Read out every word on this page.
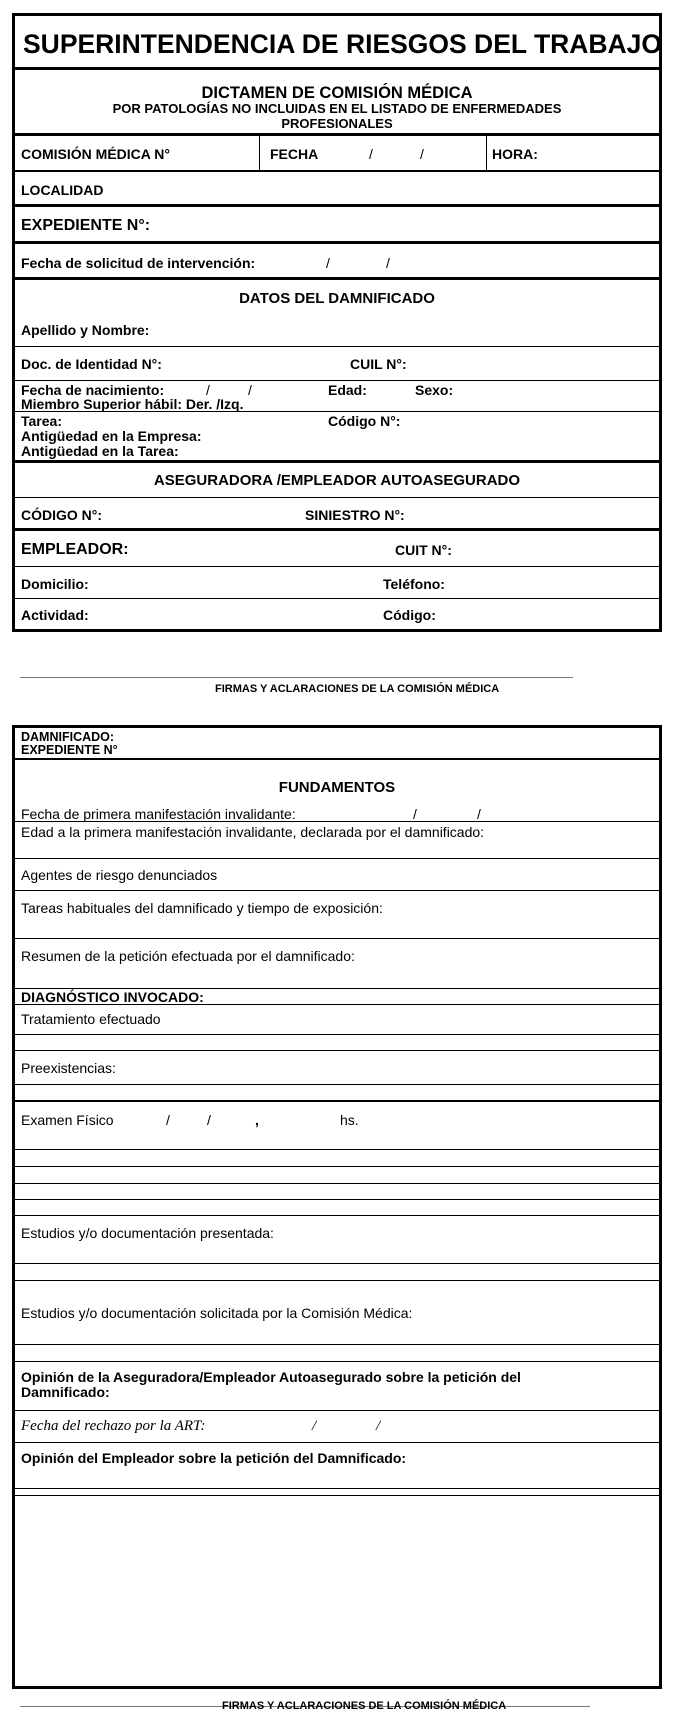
SUPERINTENDENCIA DE RIESGOS DEL TRABAJO
DICTAMEN DE COMISIÓN MÉDICA
POR PATOLOGÍAS NO INCLUIDAS EN EL LISTADO DE ENFERMEDADES
PROFESIONALES
COMISIÓN MÉDICA N°	FECHA	/	/	HORA:
LOCALIDAD
EXPEDIENTE N°:
Fecha de solicitud de intervención:	/	/
DATOS DEL DAMNIFICADO
Apellido y Nombre:
Doc. de Identidad N°:	CUIL N°:
Fecha de nacimiento:	/	/	Edad:	Sexo:
Miembro Superior hábil: Der. /Izq.
Tarea:	Código N°:
Antigüedad en la Empresa:
Antigüedad en la Tarea:
ASEGURADORA /EMPLEADOR AUTOASEGURADO
CÓDIGO N°:	SINIESTRO N°:
EMPLEADOR:	CUIT N°:
Domicilio:	Teléfono:
Actividad:	Código:
FIRMAS Y ACLARACIONES DE LA COMISIÓN MÉDICA
DAMNIFICADO:
EXPEDIENTE N°
FUNDAMENTOS
Fecha de primera manifestación invalidante:	/	/
Edad a la primera manifestación invalidante, declarada por el damnificado:
Agentes de riesgo denunciados
Tareas habituales del damnificado y tiempo de exposición:
Resumen de la petición efectuada por el damnificado:
DIAGNÓSTICO INVOCADO:
Tratamiento efectuado
Preexistencias:
Examen Físico	/	/	,	hs.
Estudios y/o documentación presentada:
Estudios y/o documentación solicitada por la Comisión Médica:
Opinión de la Aseguradora/Empleador Autoasegurado sobre la petición del
Damnificado:
Fecha del rechazo por la ART:	/	/
Opinión del Empleador sobre la petición del Damnificado:
FIRMAS Y ACLARACIONES DE LA COMISIÓN MÉDICA
